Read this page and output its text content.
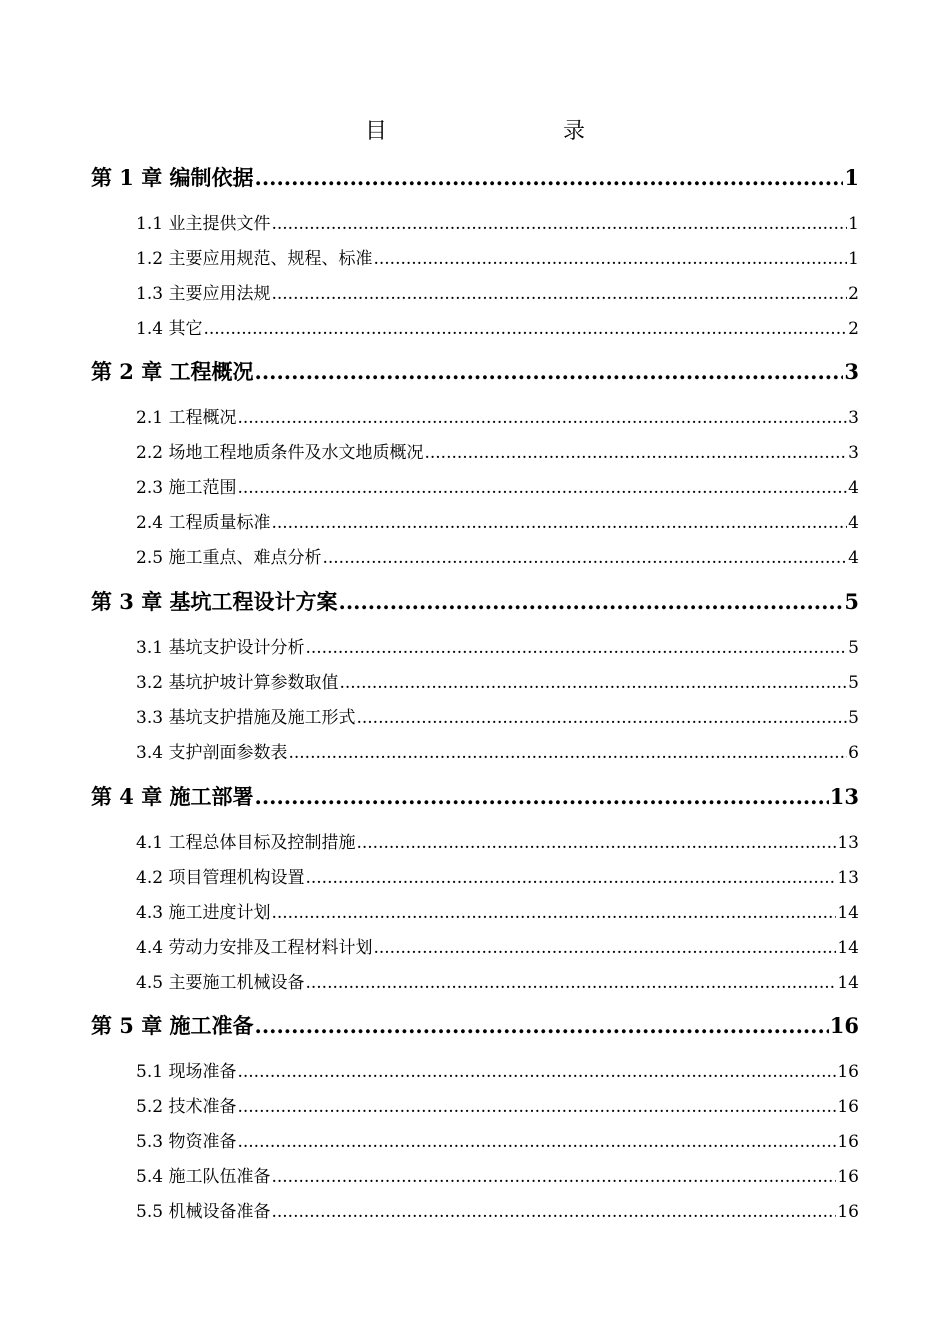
目　　录
第 1 章 编制依据 .....	1
1.1 业主提供文件 .....	1
1.2 主要应用规范、规程、标准 .....	1
1.3 主要应用法规 .....	2
1.4 其它 .....	2
第 2 章 工程概况 .....	3
2.1 工程概况 .....	3
2.2 场地工程地质条件及水文地质概况 .....	3
2.3 施工范围 .....	4
2.4 工程质量标准 .....	4
2.5 施工重点、难点分析 .....	4
第 3 章 基坑工程设计方案 .....	5
3.1 基坑支护设计分析 .....	5
3.2 基坑护坡计算参数取值 .....	5
3.3 基坑支护措施及施工形式 .....	5
3.4 支护剖面参数表 .....	6
第 4 章 施工部署 .....	13
4.1 工程总体目标及控制措施 .....	13
4.2 项目管理机构设置 .....	13
4.3 施工进度计划 .....	14
4.4 劳动力安排及工程材料计划 .....	14
4.5 主要施工机械设备 .....	14
第 5 章 施工准备 .....	16
5.1 现场准备 .....	16
5.2 技术准备 .....	16
5.3 物资准备 .....	16
5.4 施工队伍准备 .....	16
5.5 机械设备准备 .....	16
